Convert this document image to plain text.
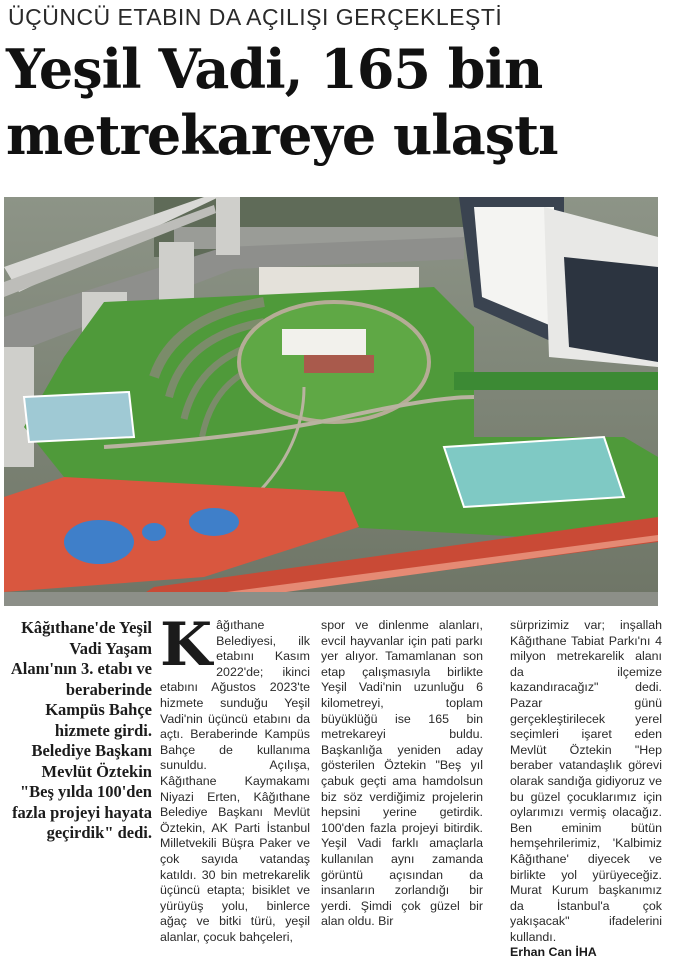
ÜÇÜNCÜ ETABIN DA AÇILIŞI GERÇEKLEŞTİ
Yeşil Vadi, 165 bin
metrekareye ulaştı
Kâğıthane'de Yeşil Vadi Yaşam Alanı'nın 3. etabı ve beraberinde Kampüs Bahçe hizmete girdi. Belediye Başkanı Mevlüt Öztekin "Beş yılda 100'den fazla projeyi hayata geçirdik" dedi.
K âğıthane Belediyesi, ilk etabını Kasım 2022'de; ikinci etabını Ağustos 2023'te hizmete sunduğu Yeşil Vadi'nin üçüncü etabını da açtı. Beraberinde Kampüs Bahçe de kullanıma sunuldu. Açılışa, Kâğıthane Kaymakamı Niyazi Erten, Kâğıthane Belediye Başkanı Mevlüt Öztekin, AK Parti İstanbul Milletvekili Büşra Paker ve çok sayıda vatandaş katıldı. 30 bin metrekarelik üçüncü etapta; bisiklet ve yürüyüş yolu, binlerce ağaç ve bitki türü, yeşil alanlar, çocuk bahçeleri,

spor ve dinlenme alanları, evcil hayvanlar için pati parkı yer alıyor. Tamamlanan son etap çalışmasıyla birlikte Yeşil Vadi'nin uzunluğu 6 kilometreyi, toplam büyüklüğü ise 165 bin metrekareyi buldu. Başkanlığa yeniden aday gösterilen Öztekin "Beş yıl çabuk geçti ama hamdolsun biz söz verdiğimiz projelerin hepsini yerine getirdik. 100'den fazla projeyi bitirdik. Yeşil Vadi farklı amaçlarla kullanılan aynı zamanda görüntü açısından da insanların zorlandığı bir yerdi. Şimdi çok güzel bir alan oldu. Bir

sürprizimiz var; inşallah Kâğıthane Tabiat Parkı'nı 4 milyon metrekarelik alanı da ilçemize kazandıracağız" dedi. Pazar günü gerçekleştirilecek yerel seçimleri işaret eden Mevlüt Öztekin "Hep beraber vatandaşlık görevi olarak sandığa gidiyoruz ve bu güzel çocuklarımız için oylarımızı vermiş olacağız. Ben eminim bütün hemşehrilerimiz, 'Kalbimiz Kâğıthane' diyecek ve birlikte yol yürüyeceğiz. Murat Kurum başkanımız da İstanbul'a çok yakışacak" ifadelerini kullandı.

Erhan Can İHA
